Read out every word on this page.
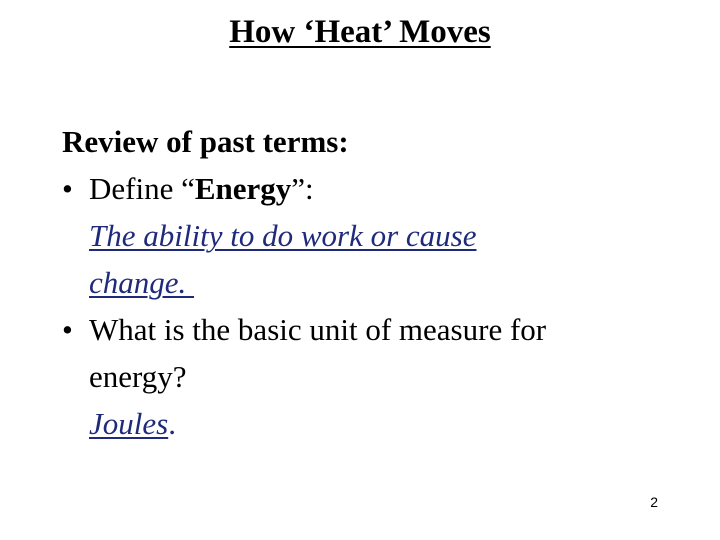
How ‘Heat’ Moves
Review of past terms:
• Define “Energy”:
The ability to do work or cause
change.
• What is the basic unit of measure for
energy?
Joules.
2
